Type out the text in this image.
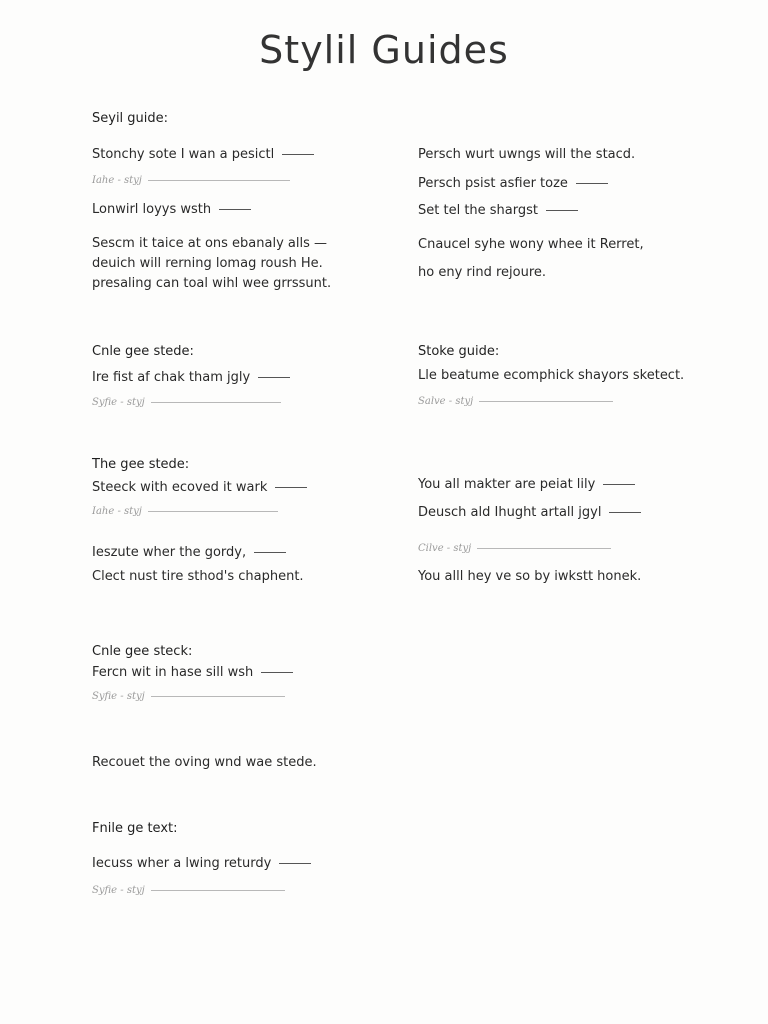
Stylil Guides
Seyil guide:
Stonchy sote I wan a pesictl
Iahe - styj
Lonwirl loyys wsth
Sescm it taice at ons ebanaly alls —
deuich will rerning lomag roush He.
presaling can toal wihl wee grrssunt.
Cnle gee stede:
Ire fist af chak tham jgly
Syfie - styj
The gee stede:
Steeck with ecoved it wark
Iahe - styj
Ieszute wher the gordy,
Clect nust tire sthod's chaphent.
Cnle gee steck:
Fercn wit in hase sill wsh
Syfie - styj
Recouet the oving wnd wae stede.
Fnile ge text:
Iecuss wher a lwing returdy
Syfie - styj
Persch wurt uwngs will the stacd.
Persch psist asfier toze
Set tel the shargst
Cnaucel syhe wony whee it Rerret,
ho eny rind rejoure.
Stoke guide:
Lle beatume ecomphick shayors sketect.
Salve - styj
You all makter are peiat lily
Deusch ald Ihught artall jgyl
Cilve - styj
You alll hey ve so by iwkstt honek.
